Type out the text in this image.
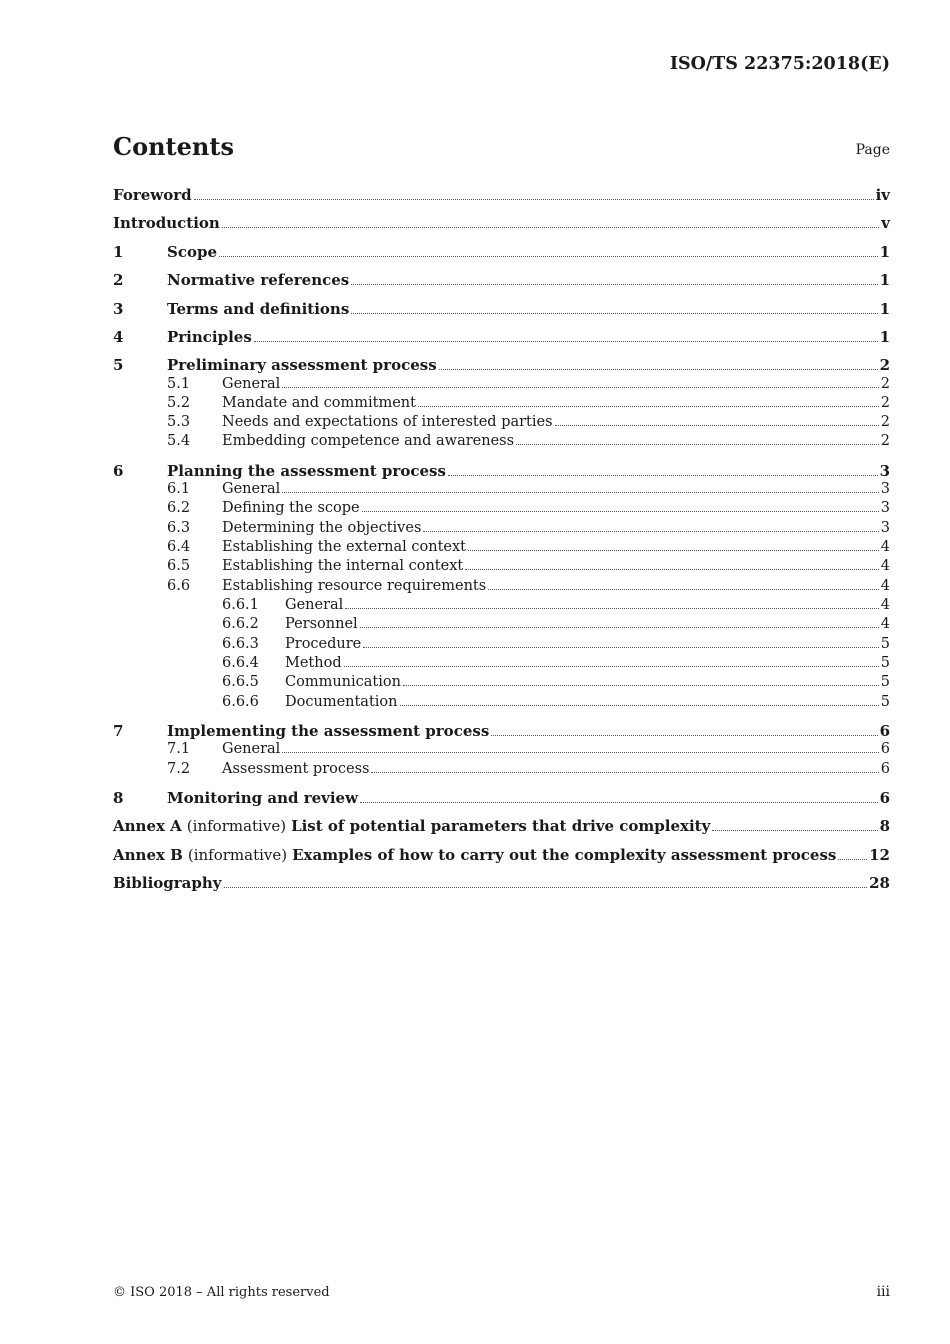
ISO/TS 22375:2018(E)
Contents	Page
Foreword	iv
Introduction	v
1	Scope	1
2	Normative references	1
3	Terms and definitions	1
4	Principles	1
5	Preliminary assessment process	2
5.1	General	2
5.2	Mandate and commitment	2
5.3	Needs and expectations of interested parties	2
5.4	Embedding competence and awareness	2
6	Planning the assessment process	3
6.1	General	3
6.2	Defining the scope	3
6.3	Determining the objectives	3
6.4	Establishing the external context	4
6.5	Establishing the internal context	4
6.6	Establishing resource requirements	4
6.6.1	General	4
6.6.2	Personnel	4
6.6.3	Procedure	5
6.6.4	Method	5
6.6.5	Communication	5
6.6.6	Documentation	5
7	Implementing the assessment process	6
7.1	General	6
7.2	Assessment process	6
8	Monitoring and review	6
Annex A (informative) List of potential parameters that drive complexity	8
Annex B (informative) Examples of how to carry out the complexity assessment process 12
Bibliography	28
© ISO 2018 – All rights reserved	iii
